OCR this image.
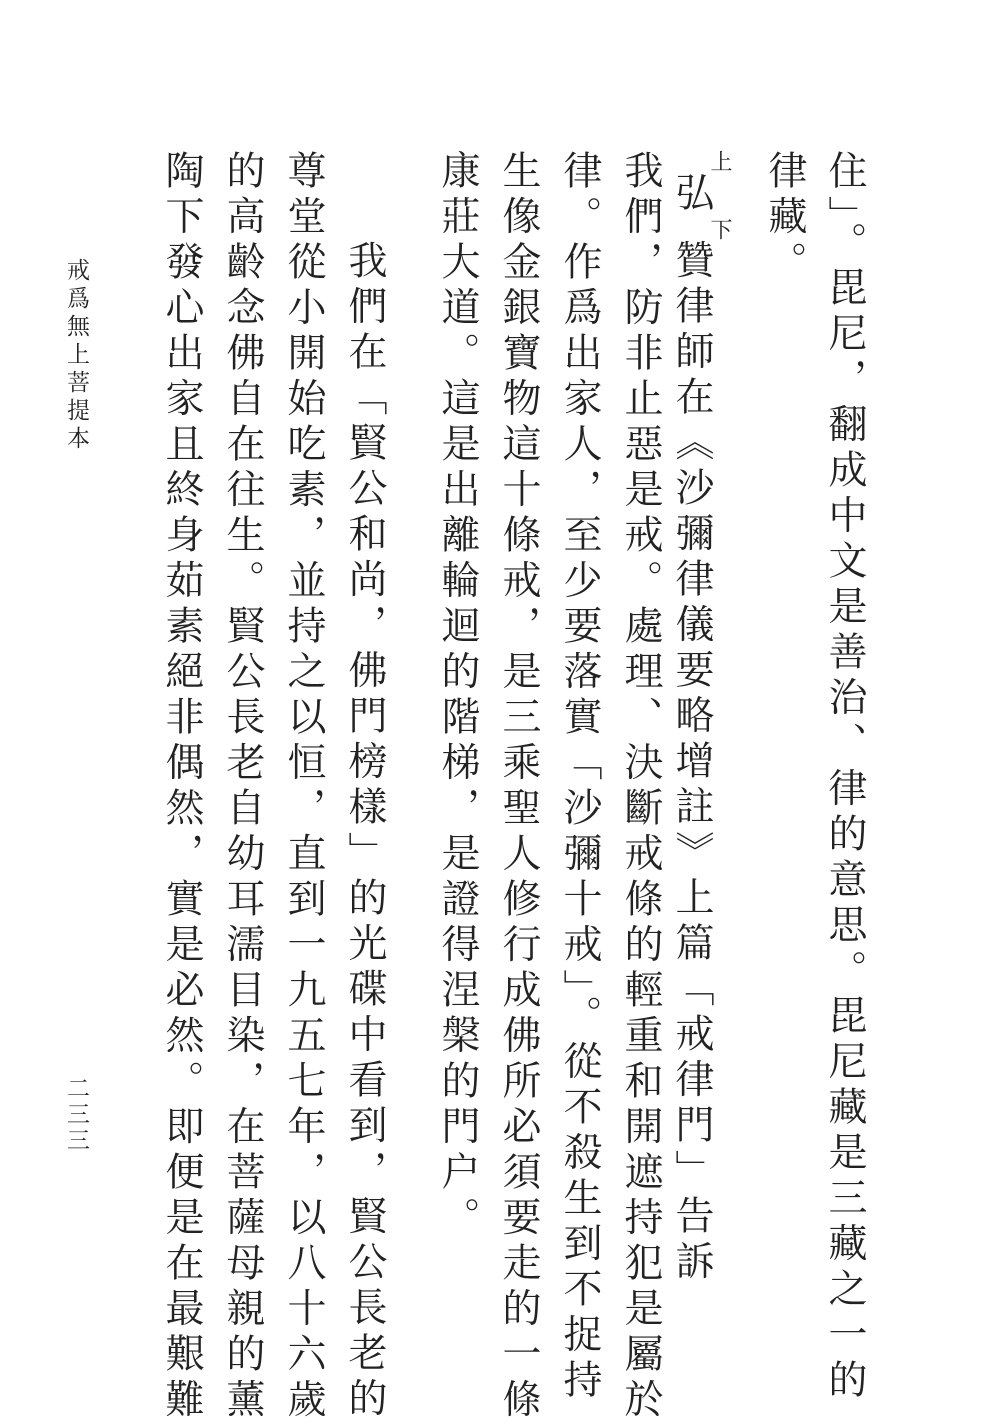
住」。毘尼，翻成中文是善治、律的意思。毘尼藏是三藏之一的
律藏。
上
弘
下
贊律師在《沙彌律儀要略增註》上篇「戒律門」告訴
我們，防非止惡是戒。處理、決斷戒條的輕重和開遮持犯是屬於
律。作爲出家人，至少要落實「沙彌十戒」。從不殺生到不捉持
生像金銀寶物這十條戒，是三乘聖人修行成佛所必須要走的一條
康莊大道。這是出離輪迴的階梯，是證得涅槃的門户。
我們在「賢公和尚，佛門榜樣」的光碟中看到，賢公長老的
尊堂從小開始吃素，並持之以恒，直到一九五七年，以八十六歲
的高齡念佛自在往生。賢公長老自幼耳濡目染，在菩薩母親的薰
陶下發心出家且終身茹素絕非偶然，實是必然。即便是在最艱難
戒爲無上菩提本
二三三
